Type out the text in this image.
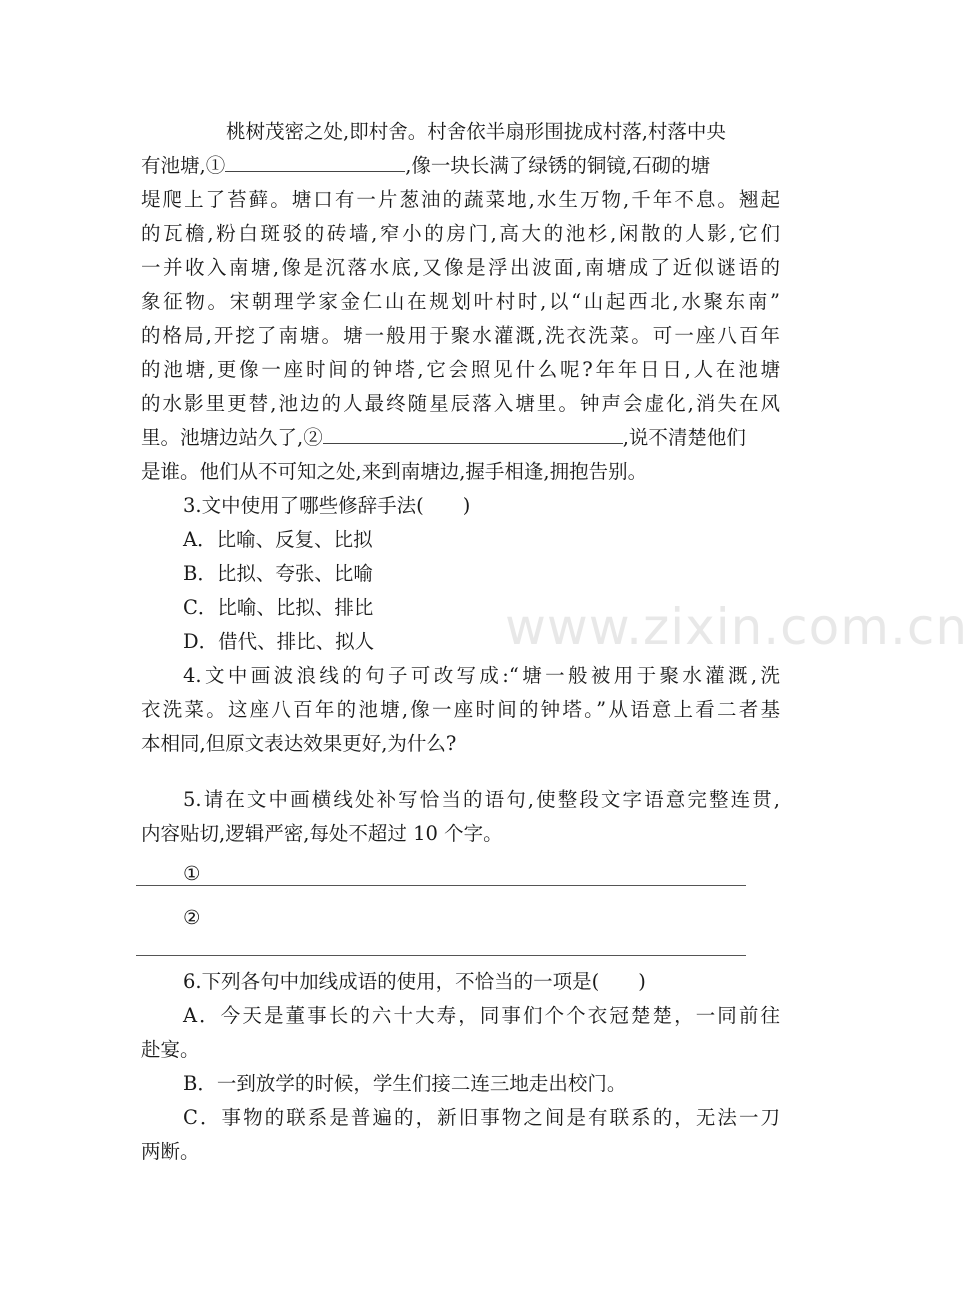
桃树茂密之处,即村舍。村舍依半扇形围拢成村落,村落中央
有池塘,①	,像一块长满了绿锈的铜镜,石砌的塘
堤爬上了苔藓。塘口有一片葱油的蔬菜地,水生万物,千年不息。翘起
的瓦檐,粉白斑驳的砖墙,窄小的房门,高大的池杉,闲散的人影,它们
一并收入南塘,像是沉落水底,又像是浮出波面,南塘成了近似谜语的
象征物。宋朝理学家金仁山在规划叶村时,以“山起西北,水聚东南”
的格局,开挖了南塘。塘一般用于聚水灌溉,洗衣洗菜。可一座八百年
的池塘,更像一座时间的钟塔,它会照见什么呢?年年日日,人在池塘
的水影里更替,池边的人最终随星辰落入塘里。钟声会虚化,消失在风
里。池塘边站久了,②	,说不清楚他们
是谁。他们从不可知之处,来到南塘边,握手相逢,拥抱告别。
3.文中使用了哪些修辞手法(　　)
A．比喻、反复、比拟
B．比拟、夸张、比喻
C．比喻、比拟、排比
D．借代、排比、拟人	www.zixin.com.cn
4.文中画波浪线的句子可改写成:“塘一般被用于聚水灌溉,洗
衣洗菜。这座八百年的池塘,像一座时间的钟塔。”从语意上看二者基
本相同,但原文表达效果更好,为什么?
5.请在文中画横线处补写恰当的语句,使整段文字语意完整连贯,
内容贴切,逻辑严密,每处不超过 10 个字。
①
②
6.下列各句中加线成语的使用，不恰当的一项是(　　)
A．今天是董事长的六十大寿，同事们个个衣冠楚楚，一同前往
赴宴。
B．一到放学的时候，学生们接二连三地走出校门。
C．事物的联系是普遍的，新旧事物之间是有联系的，无法一刀
两断。
